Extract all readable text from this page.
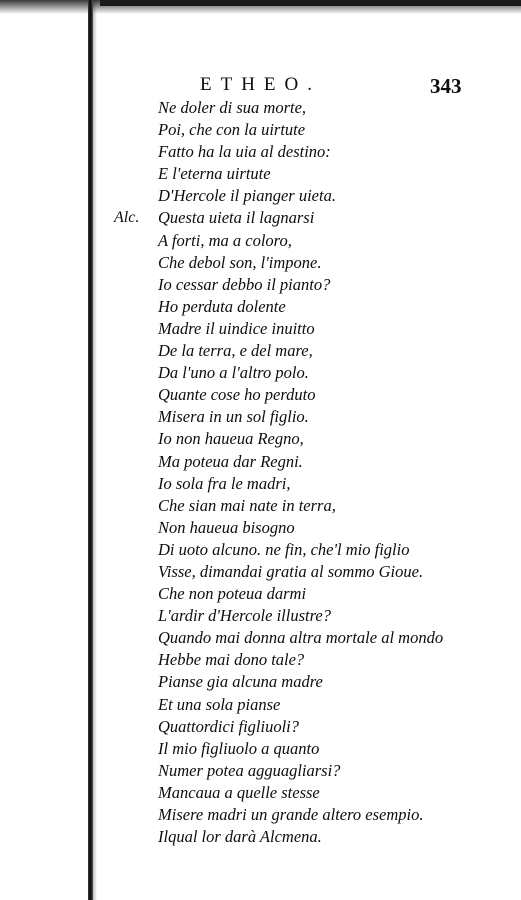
ETHEO.	343
Alc.
Ne doler di sua morte,
Poi, che con la uirtute
Fatto ha la uia al destino:
E l'eterna uirtute
D'Hercole il pianger uieta.
Questa uieta il lagnarsi
A forti, ma a coloro,
Che debol son, l'impone.
Io cessar debbo il pianto?
Ho perduta dolente
Madre il uindice inuitto
De la terra, e del mare,
Da l'uno a l'altro polo.
Quante cose ho perduto
Misera in un sol figlio.
Io non haueua Regno,
Ma poteua dar Regni.
Io sola fra le madri,
Che sian mai nate in terra,
Non haueua bisogno
Di uoto alcuno. ne fin, che'l mio figlio
Visse, dimandai gratia al sommo Gioue.
Che non poteua darmi
L'ardir d'Hercole illustre?
Quando mai donna altra mortale al mondo
Hebbe mai dono tale?
Pianse gia alcuna madre
Et una sola pianse
Quattordici figliuoli?
Il mio figliuolo a quanto
Numer potea agguagliarsi?
Mancaua a quelle stesse
Misere madri un grande altero esempio.
Ilqual lor darà Alcmena.
